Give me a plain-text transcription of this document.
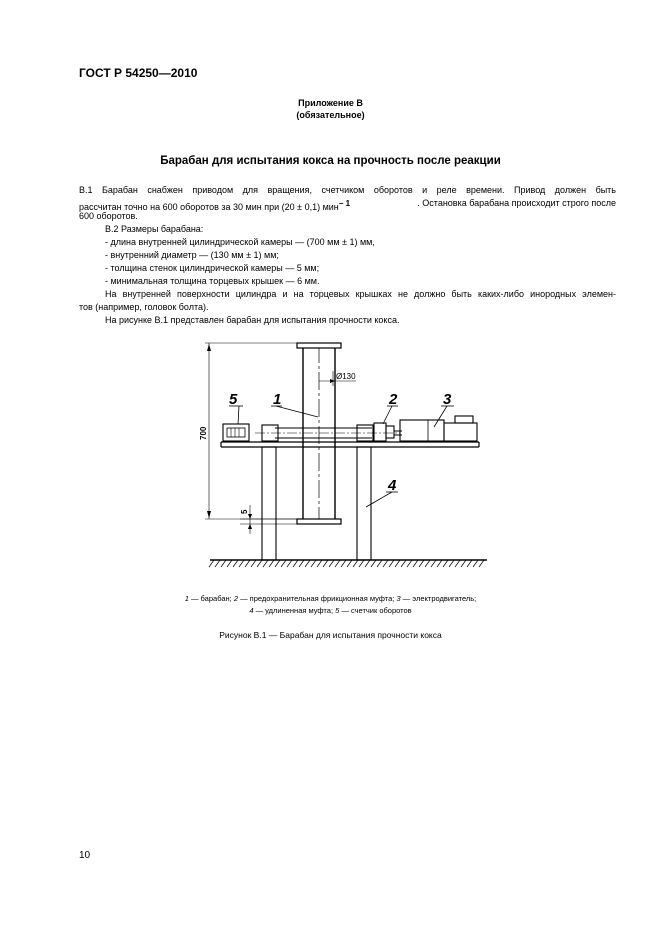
ГОСТ Р 54250—2010
Приложение В
(обязательное)
Барабан для испытания кокса на прочность после реакции
В.1 Барабан снабжен приводом для вращения, счетчиком оборотов и реле времени. Привод должен быть
рассчитан точно на 600 оборотов за 30 мин при (20 ± 0,1) мин$^{- 1}$	. Остановка барабана происходит строго после
600 оборотов.
В.2 Размеры барабана:
- длина внутренней цилиндрической камеры — (700 мм ± 1) мм,
- внутренний диаметр — (130 мм ± 1) мм;
- толщина стенок цилиндрической камеры — 5 мм;
- минимальная толщина торцевых крышек — 6 мм.
На внутренней поверхности цилиндра и на торцевых крышках не должно быть каких-либо инородных элемен-
тов (например, головок болта).
На рисунке В.1 представлен барабан для испытания прочности кокса.
5 1	2	3
4
Ø130
700
5
1 — барабан; 2 — предохранительная фрикционная муфта; 3 — электродвигатель;
4 — удлиненная муфта; 5 — счетчик оборотов
Рисунок В.1 — Барабан для испытания прочности кокса
10
